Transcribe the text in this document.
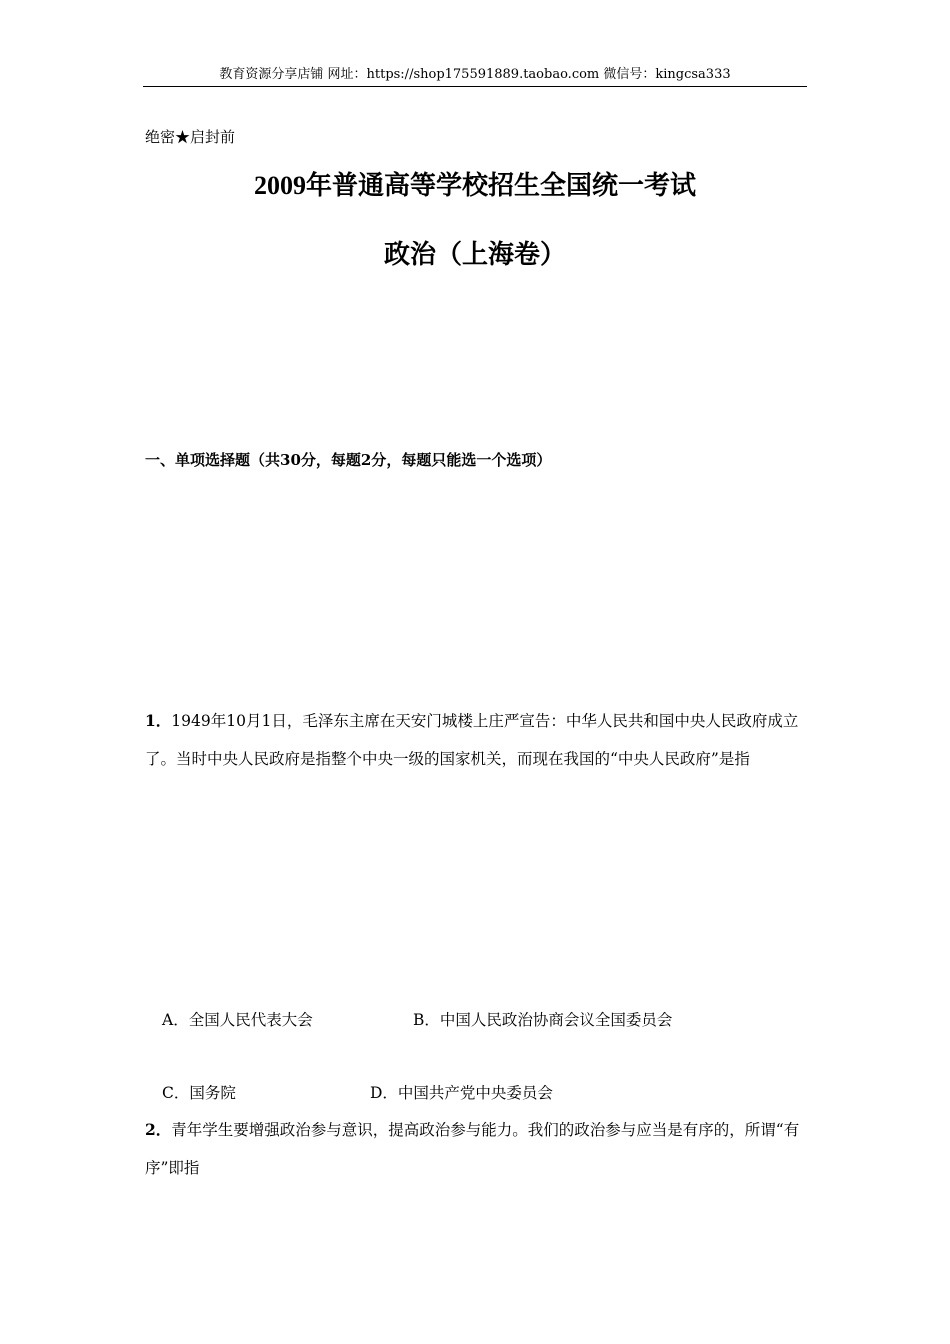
教育资源分享店铺 网址：https://shop175591889.taobao.com 微信号：kingcsa333
绝密★启封前
2009年普通高等学校招生全国统一考试
政治（上海卷）
一、单项选择题（共30分，每题2分，每题只能选一个选项）
1．1949年10月1日，毛泽东主席在天安门城楼上庄严宣告：中华人民共和国中央人民政府成立了。当时中央人民政府是指整个中央一级的国家机关，而现在我国的“中央人民政府”是指
A．全国人民代表大会	B．中国人民政治协商会议全国委员会
C．国务院	D．中国共产党中央委员会
2．青年学生要增强政治参与意识，提高政治参与能力。我们的政治参与应当是有序的，所谓“有序”即指
